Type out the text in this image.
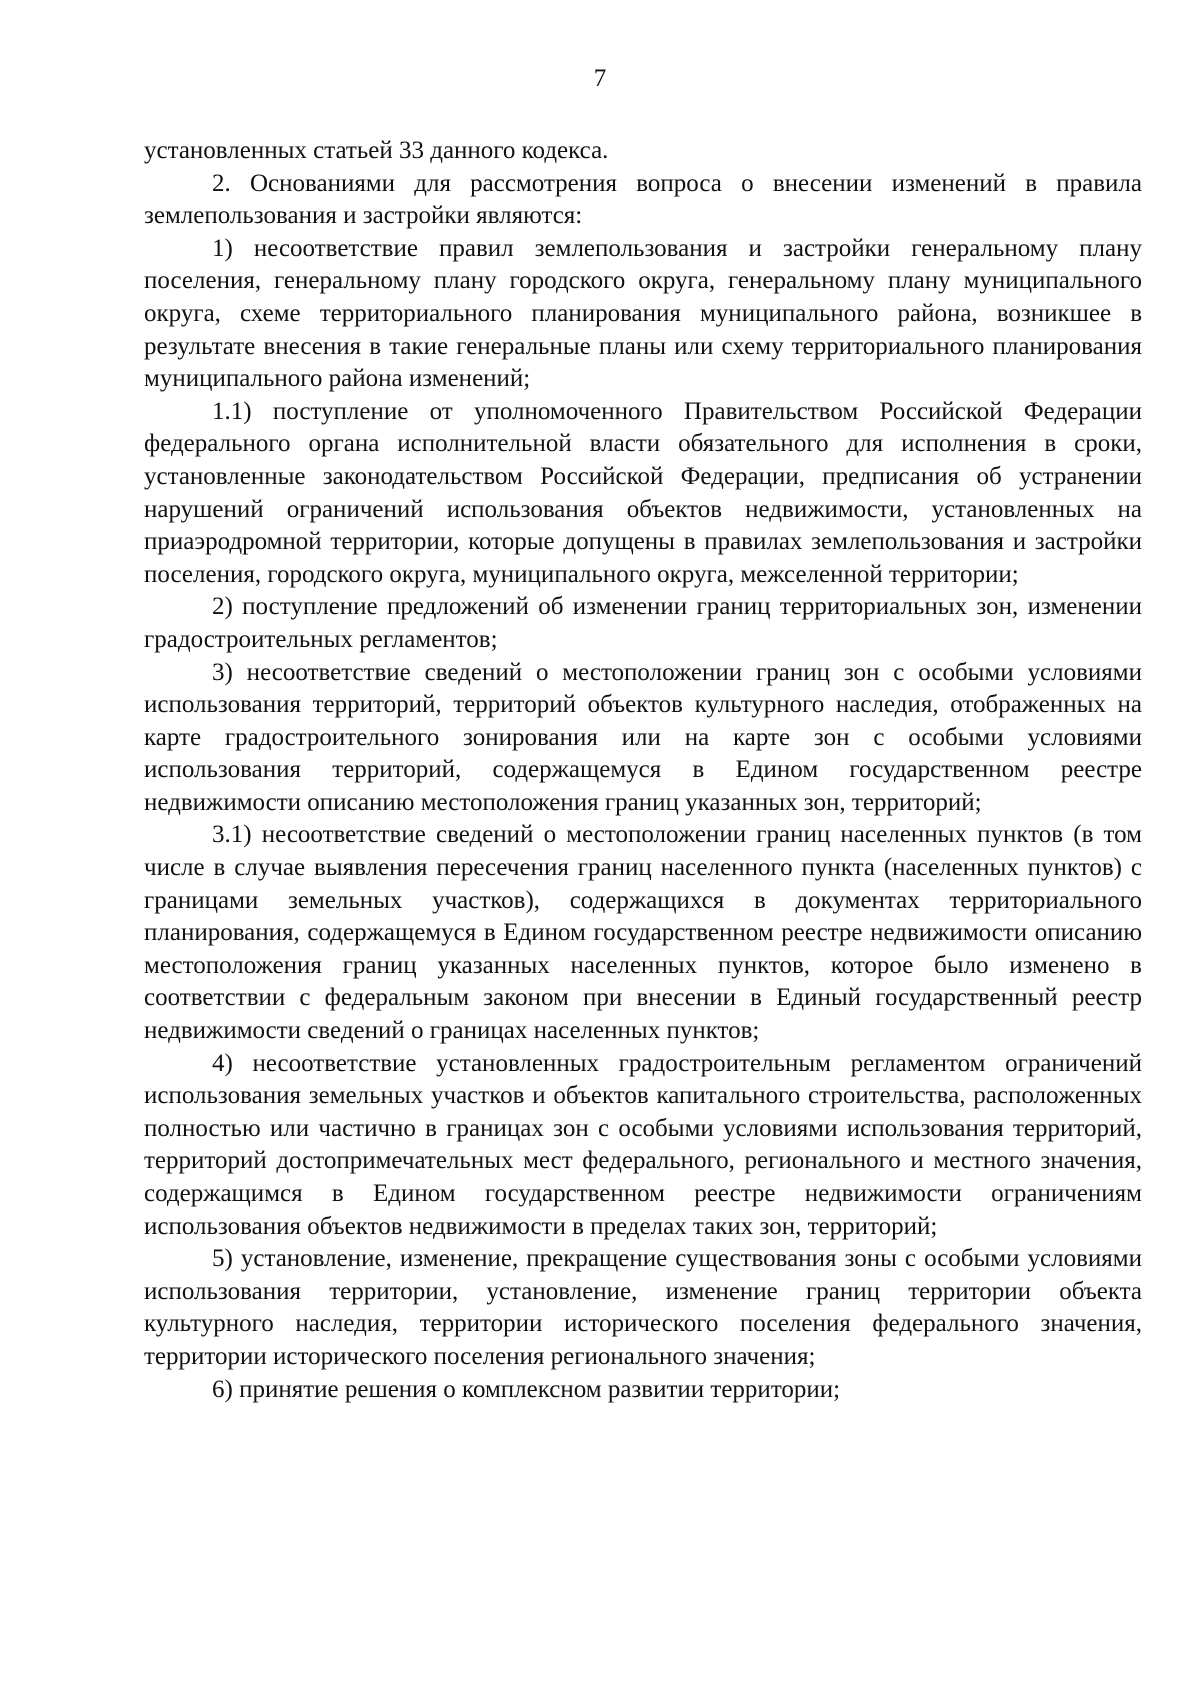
7

установленных статьей 33 данного кодекса.

2. Основаниями для рассмотрения вопроса о внесении изменений в правила землепользования и застройки являются:

1) несоответствие правил землепользования и застройки генеральному плану поселения, генеральному плану городского округа, генеральному плану муниципального округа, схеме территориального планирования муниципального района, возникшее в результате внесения в такие генеральные планы или схему территориального планирования муниципального района изменений;

1.1) поступление от уполномоченного Правительством Российской Федерации федерального органа исполнительной власти обязательного для исполнения в сроки, установленные законодательством Российской Федерации, предписания об устранении нарушений ограничений использования объектов недвижимости, установленных на приаэродромной территории, которые допущены в правилах землепользования и застройки поселения, городского округа, муниципального округа, межселенной территории;

2) поступление предложений об изменении границ территориальных зон, изменении градостроительных регламентов;

3) несоответствие сведений о местоположении границ зон с особыми условиями использования территорий, территорий объектов культурного наследия, отображенных на карте градостроительного зонирования или на карте зон с особыми условиями использования территорий, содержащемуся в Едином государственном реестре недвижимости описанию местоположения границ указанных зон, территорий;

3.1) несоответствие сведений о местоположении границ населенных пунктов (в том числе в случае выявления пересечения границ населенного пункта (населенных пунктов) с границами земельных участков), содержащихся в документах территориального планирования, содержащемуся в Едином государственном реестре недвижимости описанию местоположения границ указанных населенных пунктов, которое было изменено в соответствии с федеральным законом при внесении в Единый государственный реестр недвижимости сведений о границах населенных пунктов;

4) несоответствие установленных градостроительным регламентом ограничений использования земельных участков и объектов капитального строительства, расположенных полностью или частично в границах зон с особыми условиями использования территорий, территорий достопримечательных мест федерального, регионального и местного значения, содержащимся в Едином государственном реестре недвижимости ограничениям использования объектов недвижимости в пределах таких зон, территорий;

5) установление, изменение, прекращение существования зоны с особыми условиями использования территории, установление, изменение границ территории объекта культурного наследия, территории исторического поселения федерального значения, территории исторического поселения регионального значения;

6) принятие решения о комплексном развитии территории;
